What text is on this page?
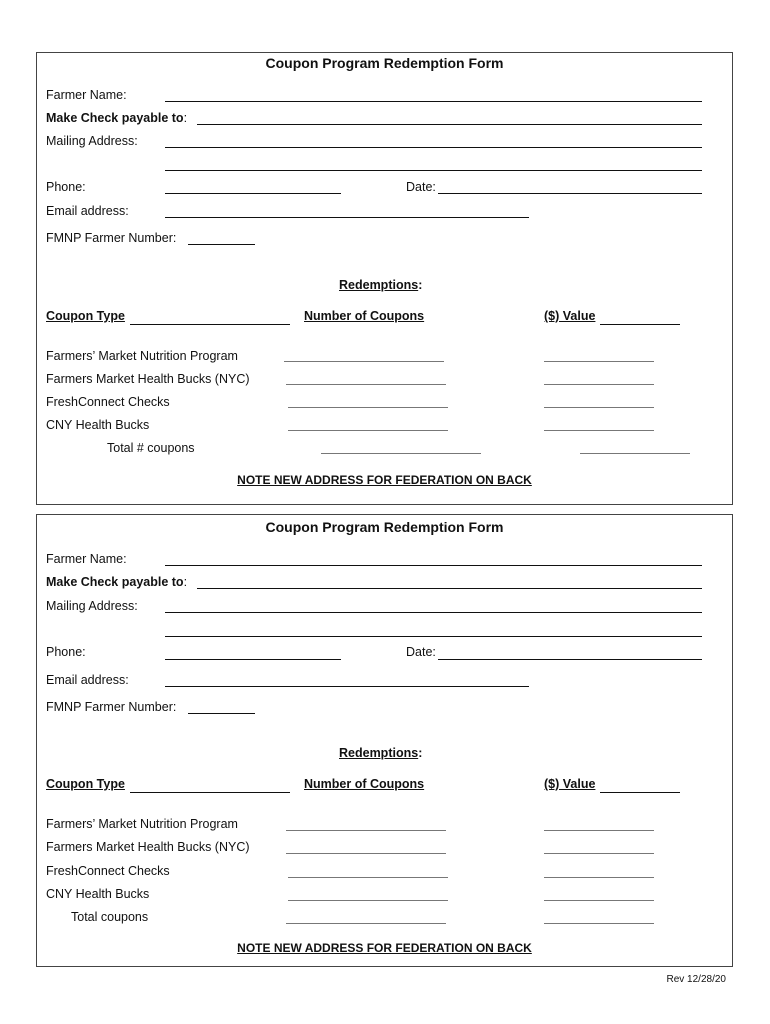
Coupon Program Redemption Form
Farmer Name:
Make Check payable to:
Mailing Address:
Phone:	Date:
Email address:
FMNP Farmer Number:
Redemptions:
Coupon Type	Number of Coupons	($) Value
Farmers’ Market Nutrition Program
Farmers Market Health Bucks (NYC)
FreshConnect Checks
CNY Health Bucks
Total # coupons
NOTE NEW ADDRESS FOR FEDERATION ON BACK
Coupon Program Redemption Form
Farmer Name:
Make Check payable to:
Mailing Address:
Phone:	Date:
Email address:
FMNP Farmer Number:
Redemptions:
Coupon Type	Number of Coupons	($) Value
Farmers’ Market Nutrition Program
Farmers Market Health Bucks (NYC)
FreshConnect Checks
CNY Health Bucks
Total coupons
NOTE NEW ADDRESS FOR FEDERATION ON BACK
Rev 12/28/20
